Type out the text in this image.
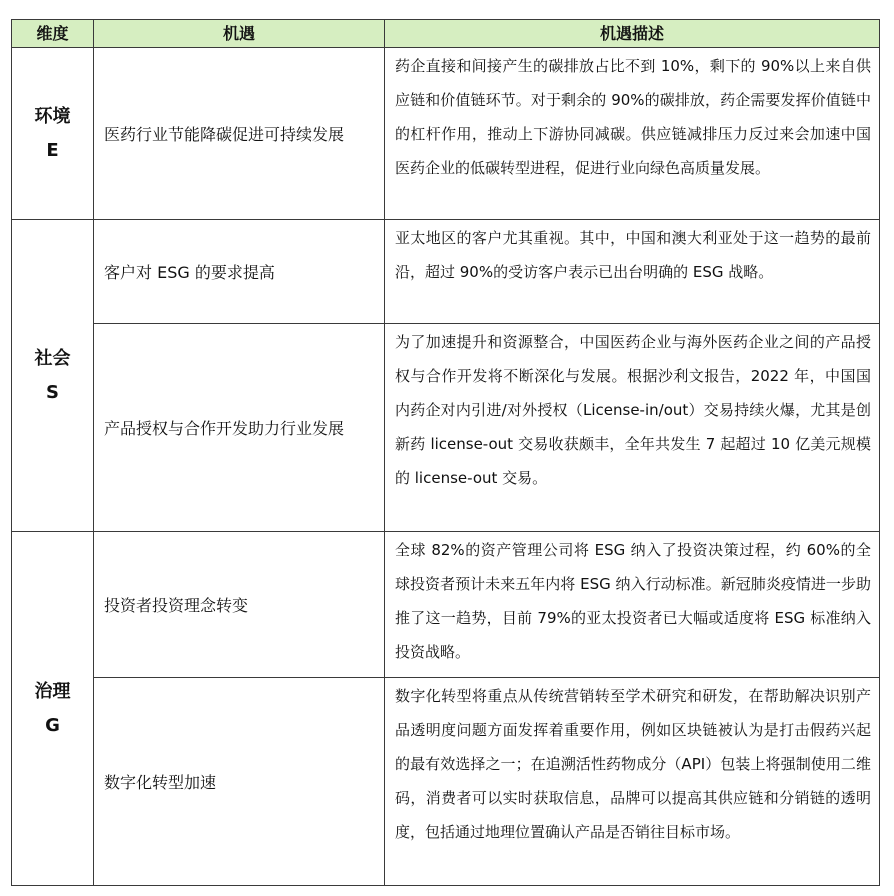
维度	机遇	机遇描述

环境
E	医药行业节能降碳促进可持续发展	药企直接和间接产生的碳排放占比不到 10%，剩下的 90%以上来自供应链和价值链环节。对于剩余的 90%的碳排放，药企需要发挥价值链中的杠杆作用，推动上下游协同减碳。供应链减排压力反过来会加速中国医药企业的低碳转型进程，促进行业向绿色高质量发展。

社会
S	客户对 ESG 的要求提高	亚太地区的客户尤其重视。其中，中国和澳大利亚处于这一趋势的最前沿，超过 90%的受访客户表示已出台明确的 ESG 战略。

	产品授权与合作开发助力行业发展	为了加速提升和资源整合，中国医药企业与海外医药企业之间的产品授权与合作开发将不断深化与发展。根据沙利文报告，2022 年，中国国内药企对内引进/对外授权（License-in/out）交易持续火爆，尤其是创新药 license-out 交易收获颇丰，全年共发生 7 起超过 10 亿美元规模的 license-out 交易。

治理
G	投资者投资理念转变	全球 82%的资产管理公司将 ESG 纳入了投资决策过程，约 60%的全球投资者预计未来五年内将 ESG 纳入行动标准。新冠肺炎疫情进一步助推了这一趋势，目前 79%的亚太投资者已大幅或适度将 ESG 标准纳入投资战略。

	数字化转型加速	数字化转型将重点从传统营销转至学术研究和研发，在帮助解决识别产品透明度问题方面发挥着重要作用，例如区块链被认为是打击假药兴起的最有效选择之一；在追溯活性药物成分（API）包装上将强制使用二维码，消费者可以实时获取信息，品牌可以提高其供应链和分销链的透明度，包括通过地理位置确认产品是否销往目标市场。
